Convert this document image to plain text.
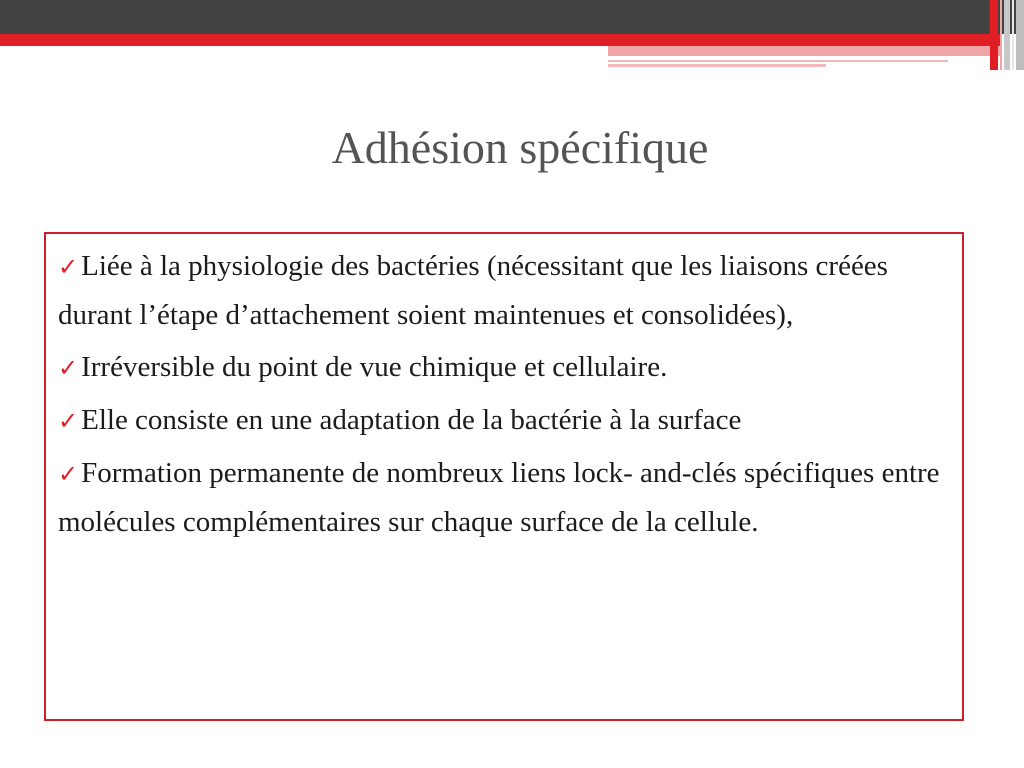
Adhésion spécifique
✓ Liée à la physiologie des bactéries (nécessitant que les liaisons créées durant l’étape d’attachement soient maintenues et consolidées),
✓ Irréversible du point de vue chimique et cellulaire.
✓ Elle consiste en une adaptation de la bactérie à la surface
✓ Formation permanente de nombreux liens lock- and-clés spécifiques entre molécules complémentaires sur chaque surface de la cellule.
